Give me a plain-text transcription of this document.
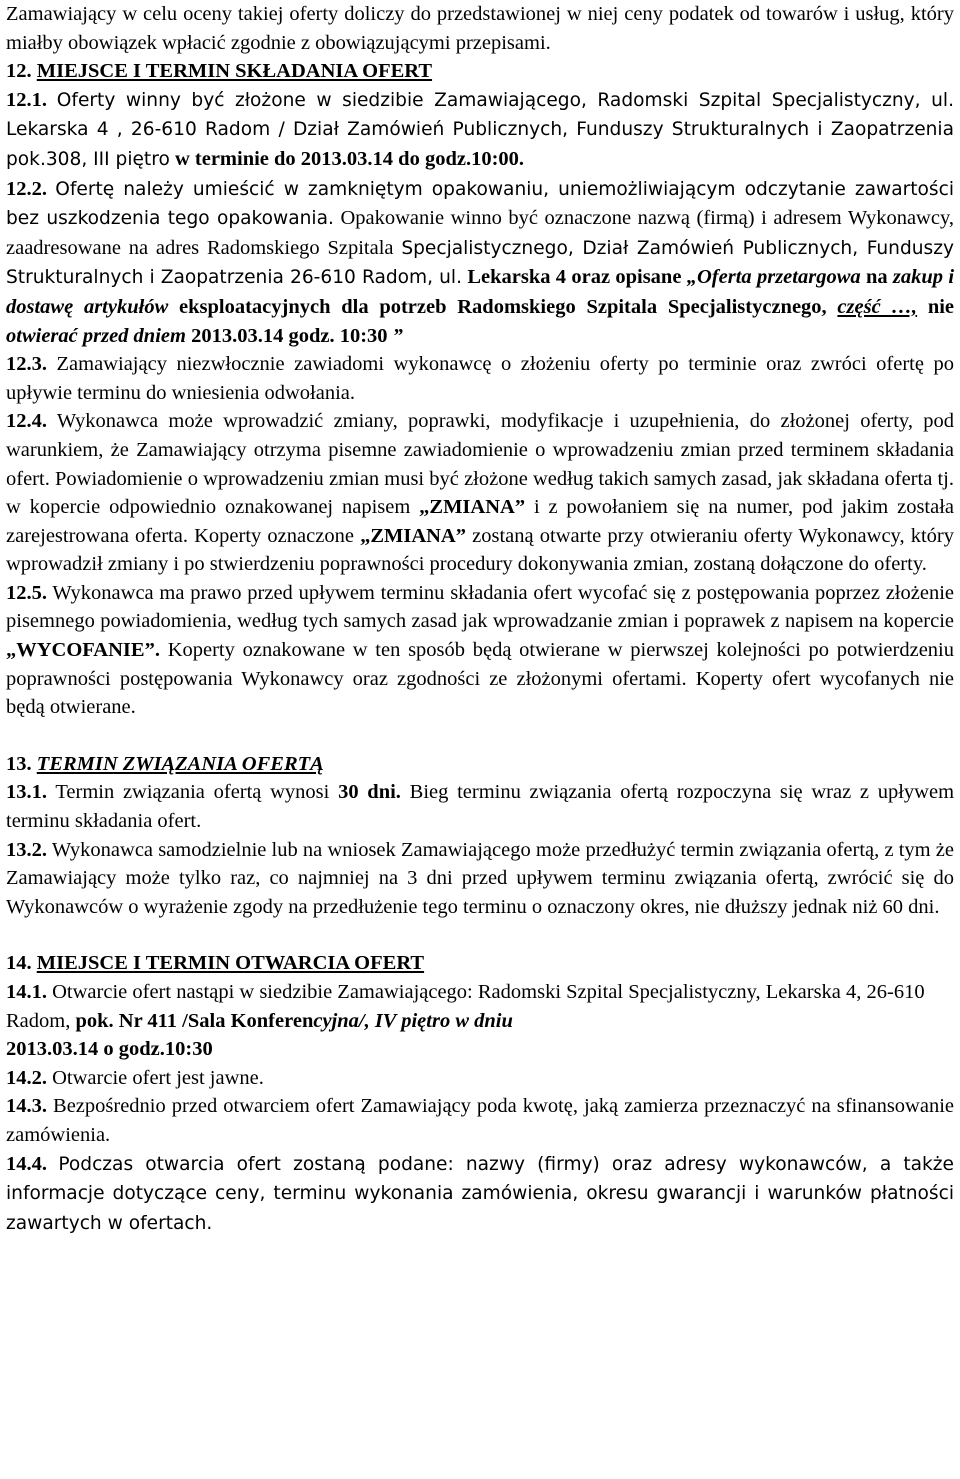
Zamawiający w celu oceny takiej oferty doliczy do przedstawionej w niej ceny podatek od towarów i usług, który miałby obowiązek wpłacić zgodnie z obowiązującymi przepisami.

12. MIEJSCE I TERMIN SKŁADANIA OFERT

12.1. Oferty winny być złożone w siedzibie Zamawiającego, Radomski Szpital Specjalistyczny, ul. Lekarska 4 , 26-610 Radom / Dział Zamówień Publicznych, Funduszy Strukturalnych i Zaopatrzenia pok.308, III piętro w terminie do 2013.03.14 do godz.10:00.

12.2. Ofertę należy umieścić w zamkniętym opakowaniu, uniemożliwiającym odczytanie zawartości bez uszkodzenia tego opakowania. Opakowanie winno być oznaczone nazwą (firmą) i adresem Wykonawcy, zaadresowane na adres Radomskiego Szpitala Specjalistycznego, Dział Zamówień Publicznych, Funduszy Strukturalnych i Zaopatrzenia 26-610 Radom, ul. Lekarska 4 oraz opisane „Oferta przetargowa na zakup i dostawę artykułów eksploatacyjnych dla potrzeb Radomskiego Szpitala Specjalistycznego, część …, nie otwierać przed dniem 2013.03.14 godz. 10:30 ”

12.3. Zamawiający niezwłocznie zawiadomi wykonawcę o złożeniu oferty po terminie oraz zwróci ofertę po upływie terminu do wniesienia odwołania.

12.4. Wykonawca może wprowadzić zmiany, poprawki, modyfikacje i uzupełnienia, do złożonej oferty, pod warunkiem, że Zamawiający otrzyma pisemne zawiadomienie o wprowadzeniu zmian przed terminem składania ofert. Powiadomienie o wprowadzeniu zmian musi być złożone według takich samych zasad, jak składana oferta tj. w kopercie odpowiednio oznakowanej napisem „ZMIANA” i z powołaniem się na numer, pod jakim została zarejestrowana oferta. Koperty oznaczone „ZMIANA” zostaną otwarte przy otwieraniu oferty Wykonawcy, który wprowadził zmiany i po stwierdzeniu poprawności procedury dokonywania zmian, zostaną dołączone do oferty.

12.5. Wykonawca ma prawo przed upływem terminu składania ofert wycofać się z postępowania poprzez złożenie pisemnego powiadomienia, według tych samych zasad jak wprowadzanie zmian i poprawek z napisem na kopercie „WYCOFANIE”. Koperty oznakowane w ten sposób będą otwierane w pierwszej kolejności po potwierdzeniu poprawności postępowania Wykonawcy oraz zgodności ze złożonymi ofertami. Koperty ofert wycofanych nie będą otwierane.

13. TERMIN ZWIĄZANIA OFERTĄ

13.1. Termin związania ofertą wynosi 30 dni. Bieg terminu związania ofertą rozpoczyna się wraz z upływem terminu składania ofert.

13.2. Wykonawca samodzielnie lub na wniosek Zamawiającego może przedłużyć termin związania ofertą, z tym że Zamawiający może tylko raz, co najmniej na 3 dni przed upływem terminu związania ofertą, zwrócić się do Wykonawców o wyrażenie zgody na przedłużenie tego terminu o oznaczony okres, nie dłuższy jednak niż 60 dni.

14. MIEJSCE I TERMIN OTWARCIA OFERT

14.1. Otwarcie ofert nastąpi w siedzibie Zamawiającego: Radomski Szpital Specjalistyczny, Lekarska 4, 26-610 Radom, pok. Nr 411 /Sala Konferencyjna/, IV piętro w dniu
2013.03.14 o godz.10:30

14.2. Otwarcie ofert jest jawne.

14.3. Bezpośrednio przed otwarciem ofert Zamawiający poda kwotę, jaką zamierza przeznaczyć na sfinansowanie zamówienia.

14.4. Podczas otwarcia ofert zostaną podane: nazwy (firmy) oraz adresy wykonawców, a także informacje dotyczące ceny, terminu wykonania zamówienia, okresu gwarancji i warunków płatności zawartych w ofertach.
